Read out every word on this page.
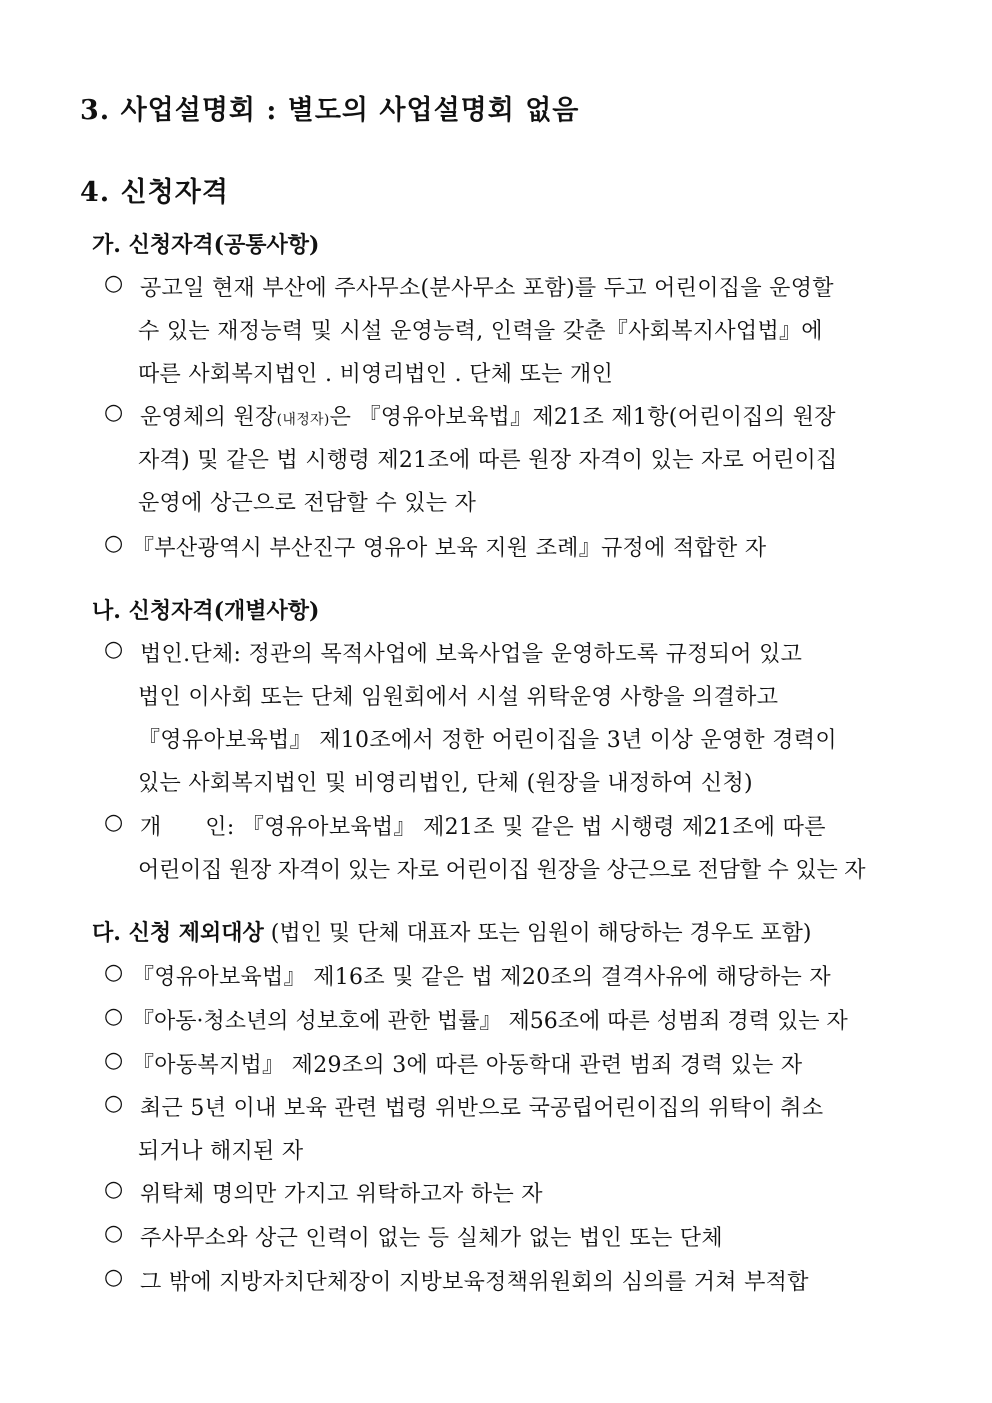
3. 사업설명회 : 별도의 사업설명회 없음
4. 신청자격
가. 신청자격(공통사항)
○ 공고일 현재 부산에 주사무소(분사무소 포함)를 두고 어린이집을 운영할
수 있는 재정능력 및 시설 운영능력, 인력을 갖춘『사회복지사업법』에
따른 사회복지법인 . 비영리법인 . 단체 또는 개인
○ 운영체의 원장(내정자)은 『영유아보육법』제21조 제1항(어린이집의 원장
자격) 및 같은 법 시행령 제21조에 따른 원장 자격이 있는 자로 어린이집
운영에 상근으로 전담할 수 있는 자
○ 『부산광역시 부산진구 영유아 보육 지원 조례』규정에 적합한 자
나. 신청자격(개별사항)
○ 법인.단체: 정관의 목적사업에 보육사업을 운영하도록 규정되어 있고
법인 이사회 또는 단체 임원회에서 시설 위탁운영 사항을 의결하고
『영유아보육법』 제10조에서 정한 어린이집을 3년 이상 운영한 경력이
있는 사회복지법인 및 비영리법인, 단체 (원장을 내정하여 신청)
○ 개      인: 『영유아보육법』 제21조 및 같은 법 시행령 제21조에 따른
어린이집 원장 자격이 있는 자로 어린이집 원장을 상근으로 전담할 수 있는 자
다. 신청 제외대상 (법인 및 단체 대표자 또는 임원이 해당하는 경우도 포함)
○ 『영유아보육법』 제16조 및 같은 법 제20조의 결격사유에 해당하는 자
○ 『아동·청소년의 성보호에 관한 법률』 제56조에 따른 성범죄 경력 있는 자
○ 『아동복지법』 제29조의 3에 따른 아동학대 관련 범죄 경력 있는 자
○ 최근 5년 이내 보육 관련 법령 위반으로 국공립어린이집의 위탁이 취소
되거나 해지된 자
○ 위탁체 명의만 가지고 위탁하고자 하는 자
○ 주사무소와 상근 인력이 없는 등 실체가 없는 법인 또는 단체
○ 그 밖에 지방자치단체장이 지방보육정책위원회의 심의를 거쳐 부적합
